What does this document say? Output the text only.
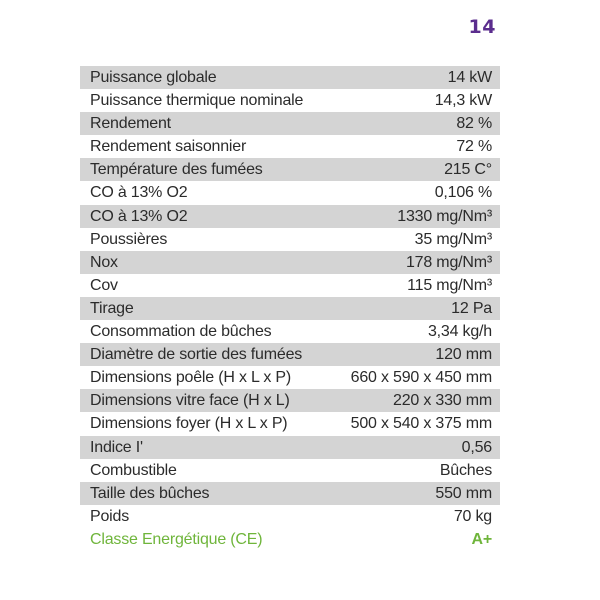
14
Puissance globale	14 kW
Puissance thermique nominale	14,3 kW
Rendement	82 %
Rendement saisonnier	72 %
Température des fumées	215 C°
CO à 13% O2	0,106 %
CO à 13% O2	1330 mg/Nm³
Poussières	35 mg/Nm³
Nox	178 mg/Nm³
Cov	115 mg/Nm³
Tirage	12 Pa
Consommation de bûches	3,34 kg/h
Diamètre de sortie des fumées	120 mm
Dimensions poêle (H x L x P)	660 x 590 x 450 mm
Dimensions vitre face (H x L)	220 x 330 mm
Dimensions foyer (H x L x P)	500 x 540 x 375 mm
Indice I'	0,56
Combustible	Bûches
Taille des bûches	550 mm
Poids	70 kg
Classe Energétique (CE)	A+
